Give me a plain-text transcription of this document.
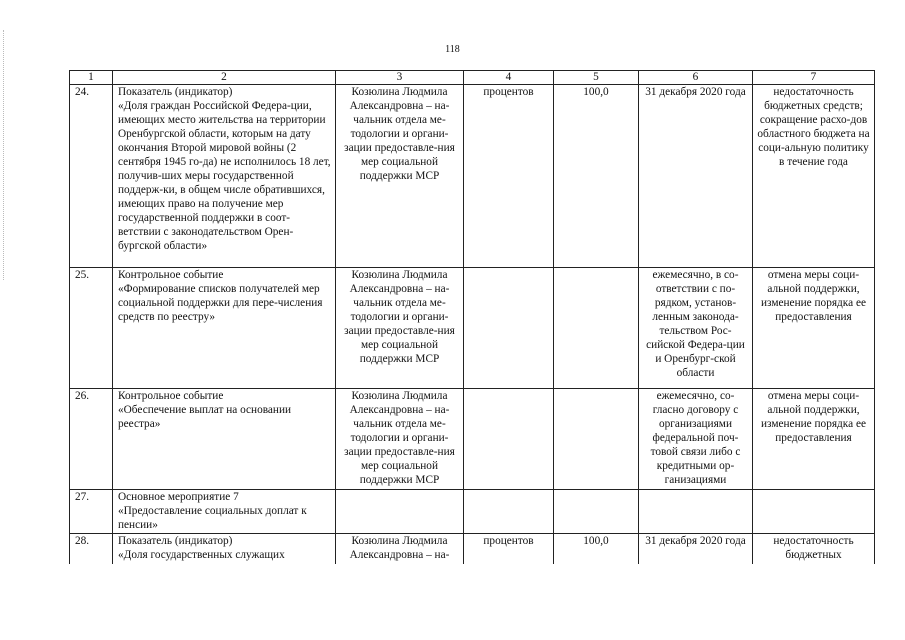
118
1	2	3	4	5	6	7
24.	Показатель (индикатор)
«Доля граждан Российской Федера-ции, имеющих место жительства на территории Оренбургской области, которым на дату окончания Второй мировой войны (2 сентября 1945 го-да) не исполнилось 18 лет, получив-ших меры государственной поддерж-ки, в общем числе обратившихся, имеющих право на получение мер государственной поддержки в соот-ветствии с законодательством Орен-бургской области»	Козюлина Людмила Александровна – на-чальник отдела ме-тодологии и органи-зации предоставле-ния мер социальной поддержки МСР	процентов	100,0	31 декабря 2020 года	недостаточность бюджетных средств; сокращение расхо-дов областного бюджета на соци-альную политику в течение года
25.	Контрольное событие
«Формирование списков получателей мер социальной поддержки для пере-числения средств по реестру»	Козюлина Людмила Александровна – на-чальник отдела ме-тодологии и органи-зации предоставле-ния мер социальной поддержки МСР			ежемесячно, в со-ответствии с по-рядком, установ-ленным законода-тельством Рос-сийской Федера-ции и Оренбург-ской области	отмена меры соци-альной поддержки, изменение порядка ее предоставления
26.	Контрольное событие
«Обеспечение выплат на основании реестра»	Козюлина Людмила Александровна – на-чальник отдела ме-тодологии и органи-зации предоставле-ния мер социальной поддержки МСР			ежемесячно, со-гласно договору с организациями федеральной поч-товой связи либо с кредитными ор-ганизациями	отмена меры соци-альной поддержки, изменение порядка ее предоставления
27.	Основное мероприятие 7
«Предоставление социальных доплат к пенсии»					
28.	Показатель (индикатор)
«Доля государственных служащих	Козюлина Людмила Александровна – на-	процентов	100,0	31 декабря 2020 года	недостаточность бюджетных
